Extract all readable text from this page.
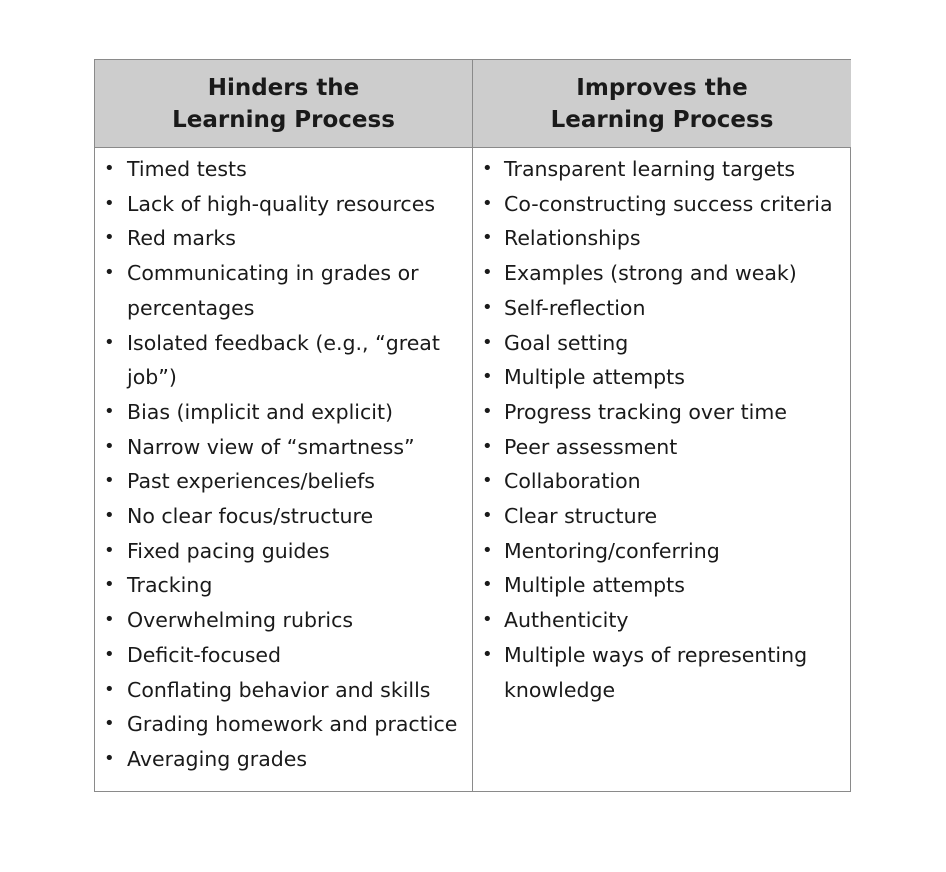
Hinders the
Learning Process
Improves the
Learning Process
• Timed tests
• Lack of high-quality resources
• Red marks
• Communicating in grades or percentages
• Isolated feedback (e.g., “great job”)
• Bias (implicit and explicit)
• Narrow view of “smartness”
• Past experiences/beliefs
• No clear focus/structure
• Fixed pacing guides
• Tracking
• Overwhelming rubrics
• Deficit-focused
• Conflating behavior and skills
• Grading homework and practice
• Averaging grades
• Transparent learning targets
• Co-constructing success criteria
• Relationships
• Examples (strong and weak)
• Self-reflection
• Goal setting
• Multiple attempts
• Progress tracking over time
• Peer assessment
• Collaboration
• Clear structure
• Mentoring/conferring
• Multiple attempts
• Authenticity
• Multiple ways of representing knowledge
